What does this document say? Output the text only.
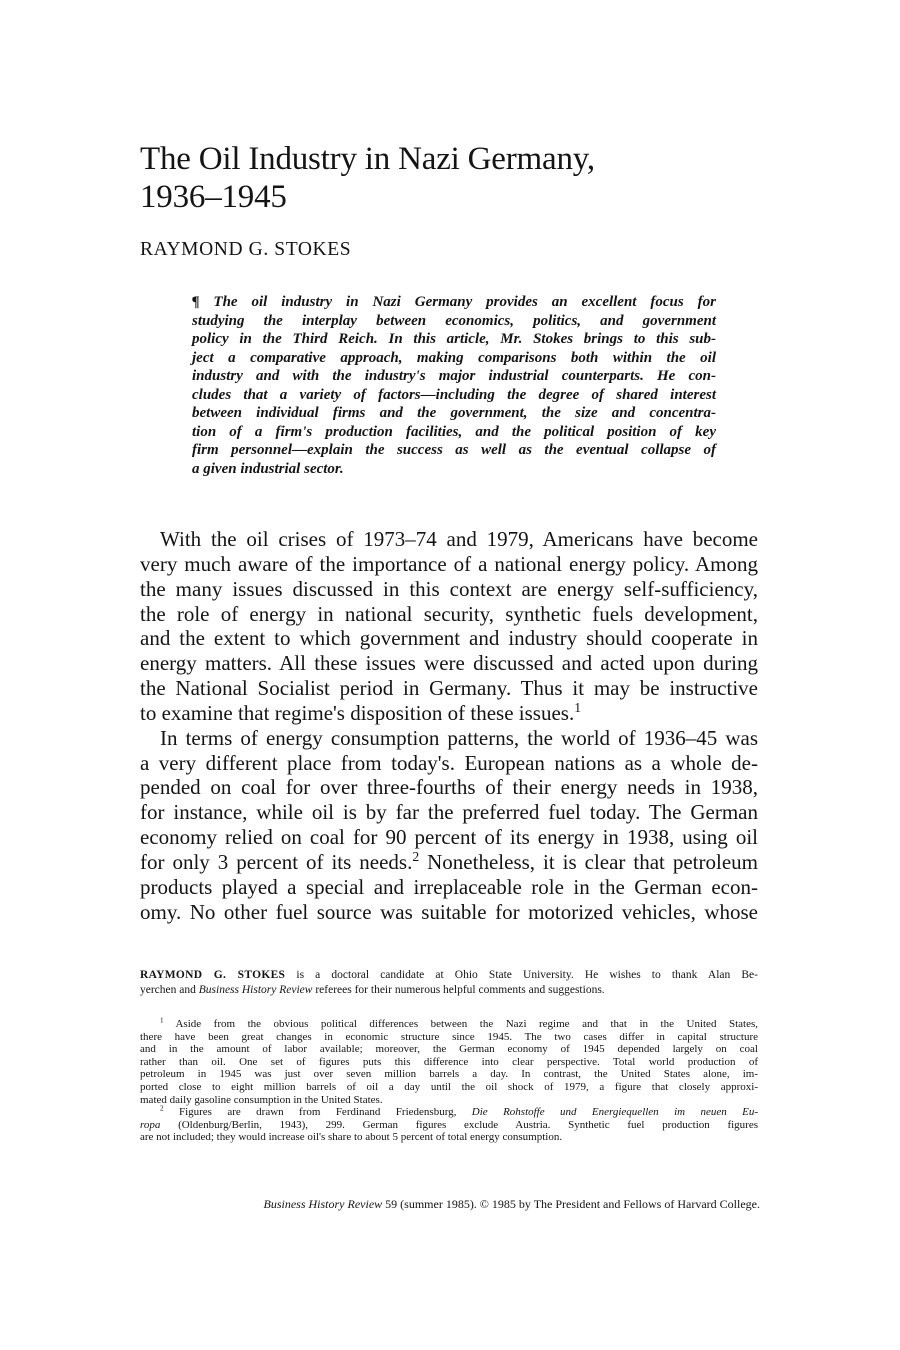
The Oil Industry in Nazi Germany,
1936–1945
RAYMOND G. STOKES
¶ The oil industry in Nazi Germany provides an excellent focus for
studying the interplay between economics, politics, and government
policy in the Third Reich. In this article, Mr. Stokes brings to this sub-
ject a comparative approach, making comparisons both within the oil
industry and with the industry's major industrial counterparts. He con-
cludes that a variety of factors—including the degree of shared interest
between individual firms and the government, the size and concentra-
tion of a firm's production facilities, and the political position of key
firm personnel—explain the success as well as the eventual collapse of
a given industrial sector.
With the oil crises of 1973–74 and 1979, Americans have become
very much aware of the importance of a national energy policy. Among
the many issues discussed in this context are energy self-sufficiency,
the role of energy in national security, synthetic fuels development,
and the extent to which government and industry should cooperate in
energy matters. All these issues were discussed and acted upon during
the National Socialist period in Germany. Thus it may be instructive
to examine that regime's disposition of these issues.$^1$
In terms of energy consumption patterns, the world of 1936–45 was
a very different place from today's. European nations as a whole de-
pended on coal for over three-fourths of their energy needs in 1938,
for instance, while oil is by far the preferred fuel today. The German
economy relied on coal for 90 percent of its energy in 1938, using oil
for only 3 percent of its needs.$^2$ Nonetheless, it is clear that petroleum
products played a special and irreplaceable role in the German econ-
omy. No other fuel source was suitable for motorized vehicles, whose
RAYMOND G. STOKES is a doctoral candidate at Ohio State University. He wishes to thank Alan Be-
yerchen and Business History Review referees for their numerous helpful comments and suggestions.
$^1$ Aside from the obvious political differences between the Nazi regime and that in the United States,
there have been great changes in economic structure since 1945. The two cases differ in capital structure
and in the amount of labor available; moreover, the German economy of 1945 depended largely on coal
rather than oil. One set of figures puts this difference into clear perspective. Total world production of
petroleum in 1945 was just over seven million barrels a day. In contrast, the United States alone, im-
ported close to eight million barrels of oil a day until the oil shock of 1979, a figure that closely approxi-
mated daily gasoline consumption in the United States.
$^2$ Figures are drawn from Ferdinand Friedensburg, Die Rohstoffe und Energiequellen im neuen Eu-
ropa (Oldenburg/Berlin, 1943), 299. German figures exclude Austria. Synthetic fuel production figures
are not included; they would increase oil's share to about 5 percent of total energy consumption.
Business History Review 59 (summer 1985). © 1985 by The President and Fellows of Harvard College.
